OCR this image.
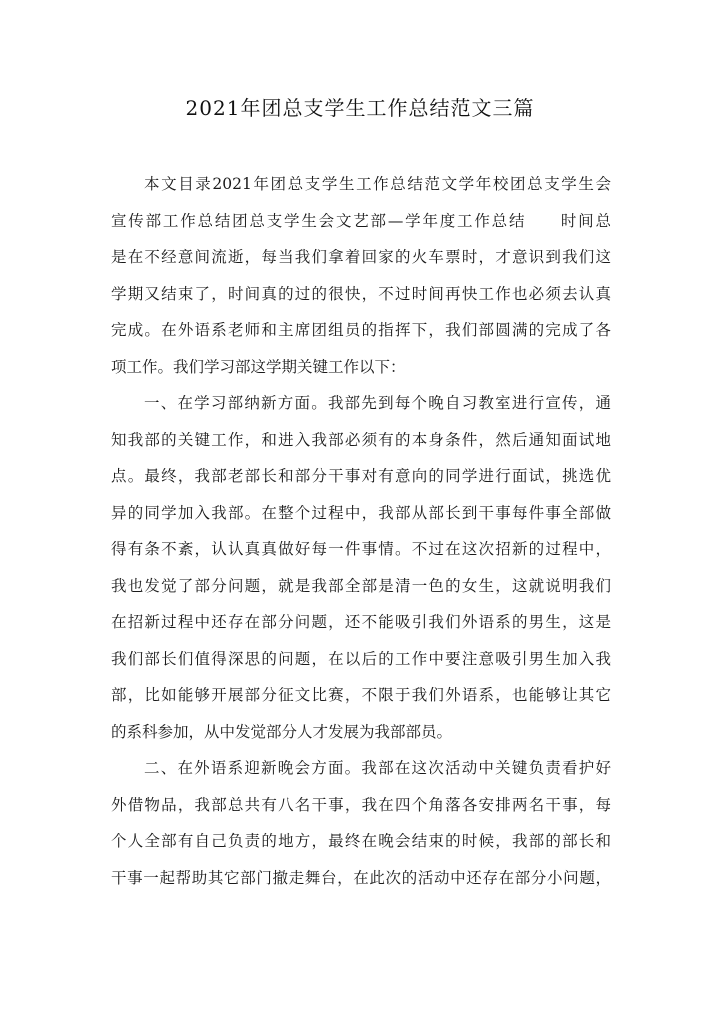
2021年团总支学生工作总结范文三篇
本文目录2021年团总支学生工作总结范文学年校团总支学生会
宣传部工作总结团总支学生会文艺部—学年度工作总结　　时间总
是在不经意间流逝，每当我们拿着回家的火车票时，才意识到我们这
学期又结束了，时间真的过的很快，不过时间再快工作也必须去认真
完成。在外语系老师和主席团组员的指挥下，我们部圆满的完成了各
项工作。我们学习部这学期关键工作以下：
一、在学习部纳新方面。我部先到每个晚自习教室进行宣传，通
知我部的关键工作，和进入我部必须有的本身条件，然后通知面试地
点。最终，我部老部长和部分干事对有意向的同学进行面试，挑选优
异的同学加入我部。在整个过程中，我部从部长到干事每件事全部做
得有条不紊，认认真真做好每一件事情。不过在这次招新的过程中，
我也发觉了部分问题，就是我部全部是清一色的女生，这就说明我们
在招新过程中还存在部分问题，还不能吸引我们外语系的男生，这是
我们部长们值得深思的问题，在以后的工作中要注意吸引男生加入我
部，比如能够开展部分征文比赛，不限于我们外语系，也能够让其它
的系科参加，从中发觉部分人才发展为我部部员。
二、在外语系迎新晚会方面。我部在这次活动中关键负责看护好
外借物品，我部总共有八名干事，我在四个角落各安排两名干事，每
个人全部有自己负责的地方，最终在晚会结束的时候，我部的部长和
干事一起帮助其它部门撤走舞台，在此次的活动中还存在部分小问题，
